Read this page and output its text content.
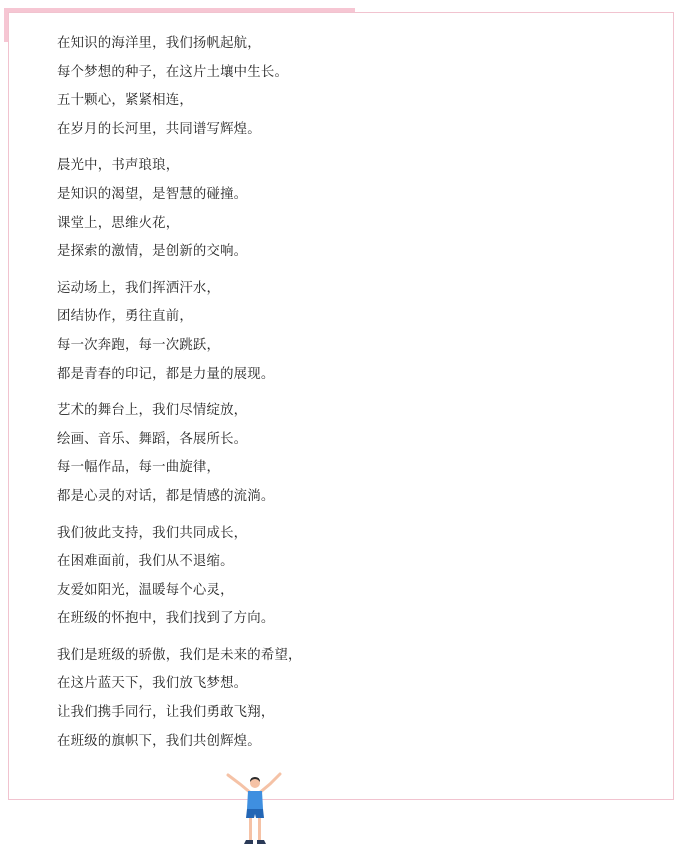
在知识的海洋里，我们扬帆起航，
每个梦想的种子，在这片土壤中生长。
五十颗心，紧紧相连，
在岁月的长河里，共同谱写辉煌。
晨光中，书声琅琅，
是知识的渴望，是智慧的碰撞。
课堂上，思维火花，
是探索的激情，是创新的交响。
运动场上，我们挥洒汗水，
团结协作，勇往直前，
每一次奔跑，每一次跳跃，
都是青春的印记，都是力量的展现。
艺术的舞台上，我们尽情绽放，
绘画、音乐、舞蹈，各展所长。
每一幅作品，每一曲旋律，
都是心灵的对话，都是情感的流淌。
我们彼此支持，我们共同成长，
在困难面前，我们从不退缩。
友爱如阳光，温暖每个心灵，
在班级的怀抱中，我们找到了方向。
我们是班级的骄傲，我们是未来的希望，
在这片蓝天下，我们放飞梦想。
让我们携手同行，让我们勇敢飞翔，
在班级的旗帜下，我们共创辉煌。
